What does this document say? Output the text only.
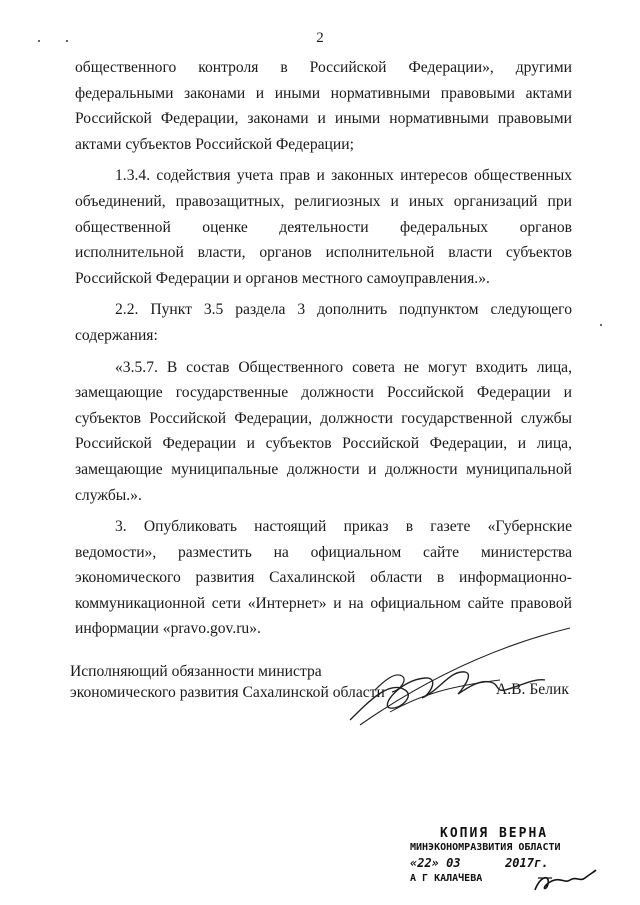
2

общественного контроля в Российской Федерации», другими федеральными законами и иными нормативными правовыми актами Российской Федерации, законами и иными нормативными правовыми актами субъектов Российской Федерации;

1.3.4. содействия учета прав и законных интересов общественных объединений, правозащитных, религиозных и иных организаций при общественной оценке деятельности федеральных органов исполнительной власти, органов исполнительной власти субъектов Российской Федерации и органов местного самоуправления.».

2.2. Пункт 3.5 раздела 3 дополнить подпунктом следующего содержания:

«3.5.7. В состав Общественного совета не могут входить лица, замещающие государственные должности Российской Федерации и субъектов Российской Федерации, должности государственной службы Российской Федерации и субъектов Российской Федерации, и лица, замещающие муниципальные должности и должности муниципальной службы.».

3. Опубликовать настоящий приказ в газете «Губернские ведомости», разместить на официальном сайте министерства экономического развития Сахалинской области в информационно-коммуникационной сети «Интернет» и на официальном сайте правовой информации «pravo.gov.ru».

Исполняющий обязанности министра
экономического развития Сахалинской области	А.В. Белик
КОПИЯ ВЕРНА
МИНЭКОНОМРАЗВИТИЯ ОБЛАСТИ
«22» 03	2017г.
А Г КАЛАЧЕВА
